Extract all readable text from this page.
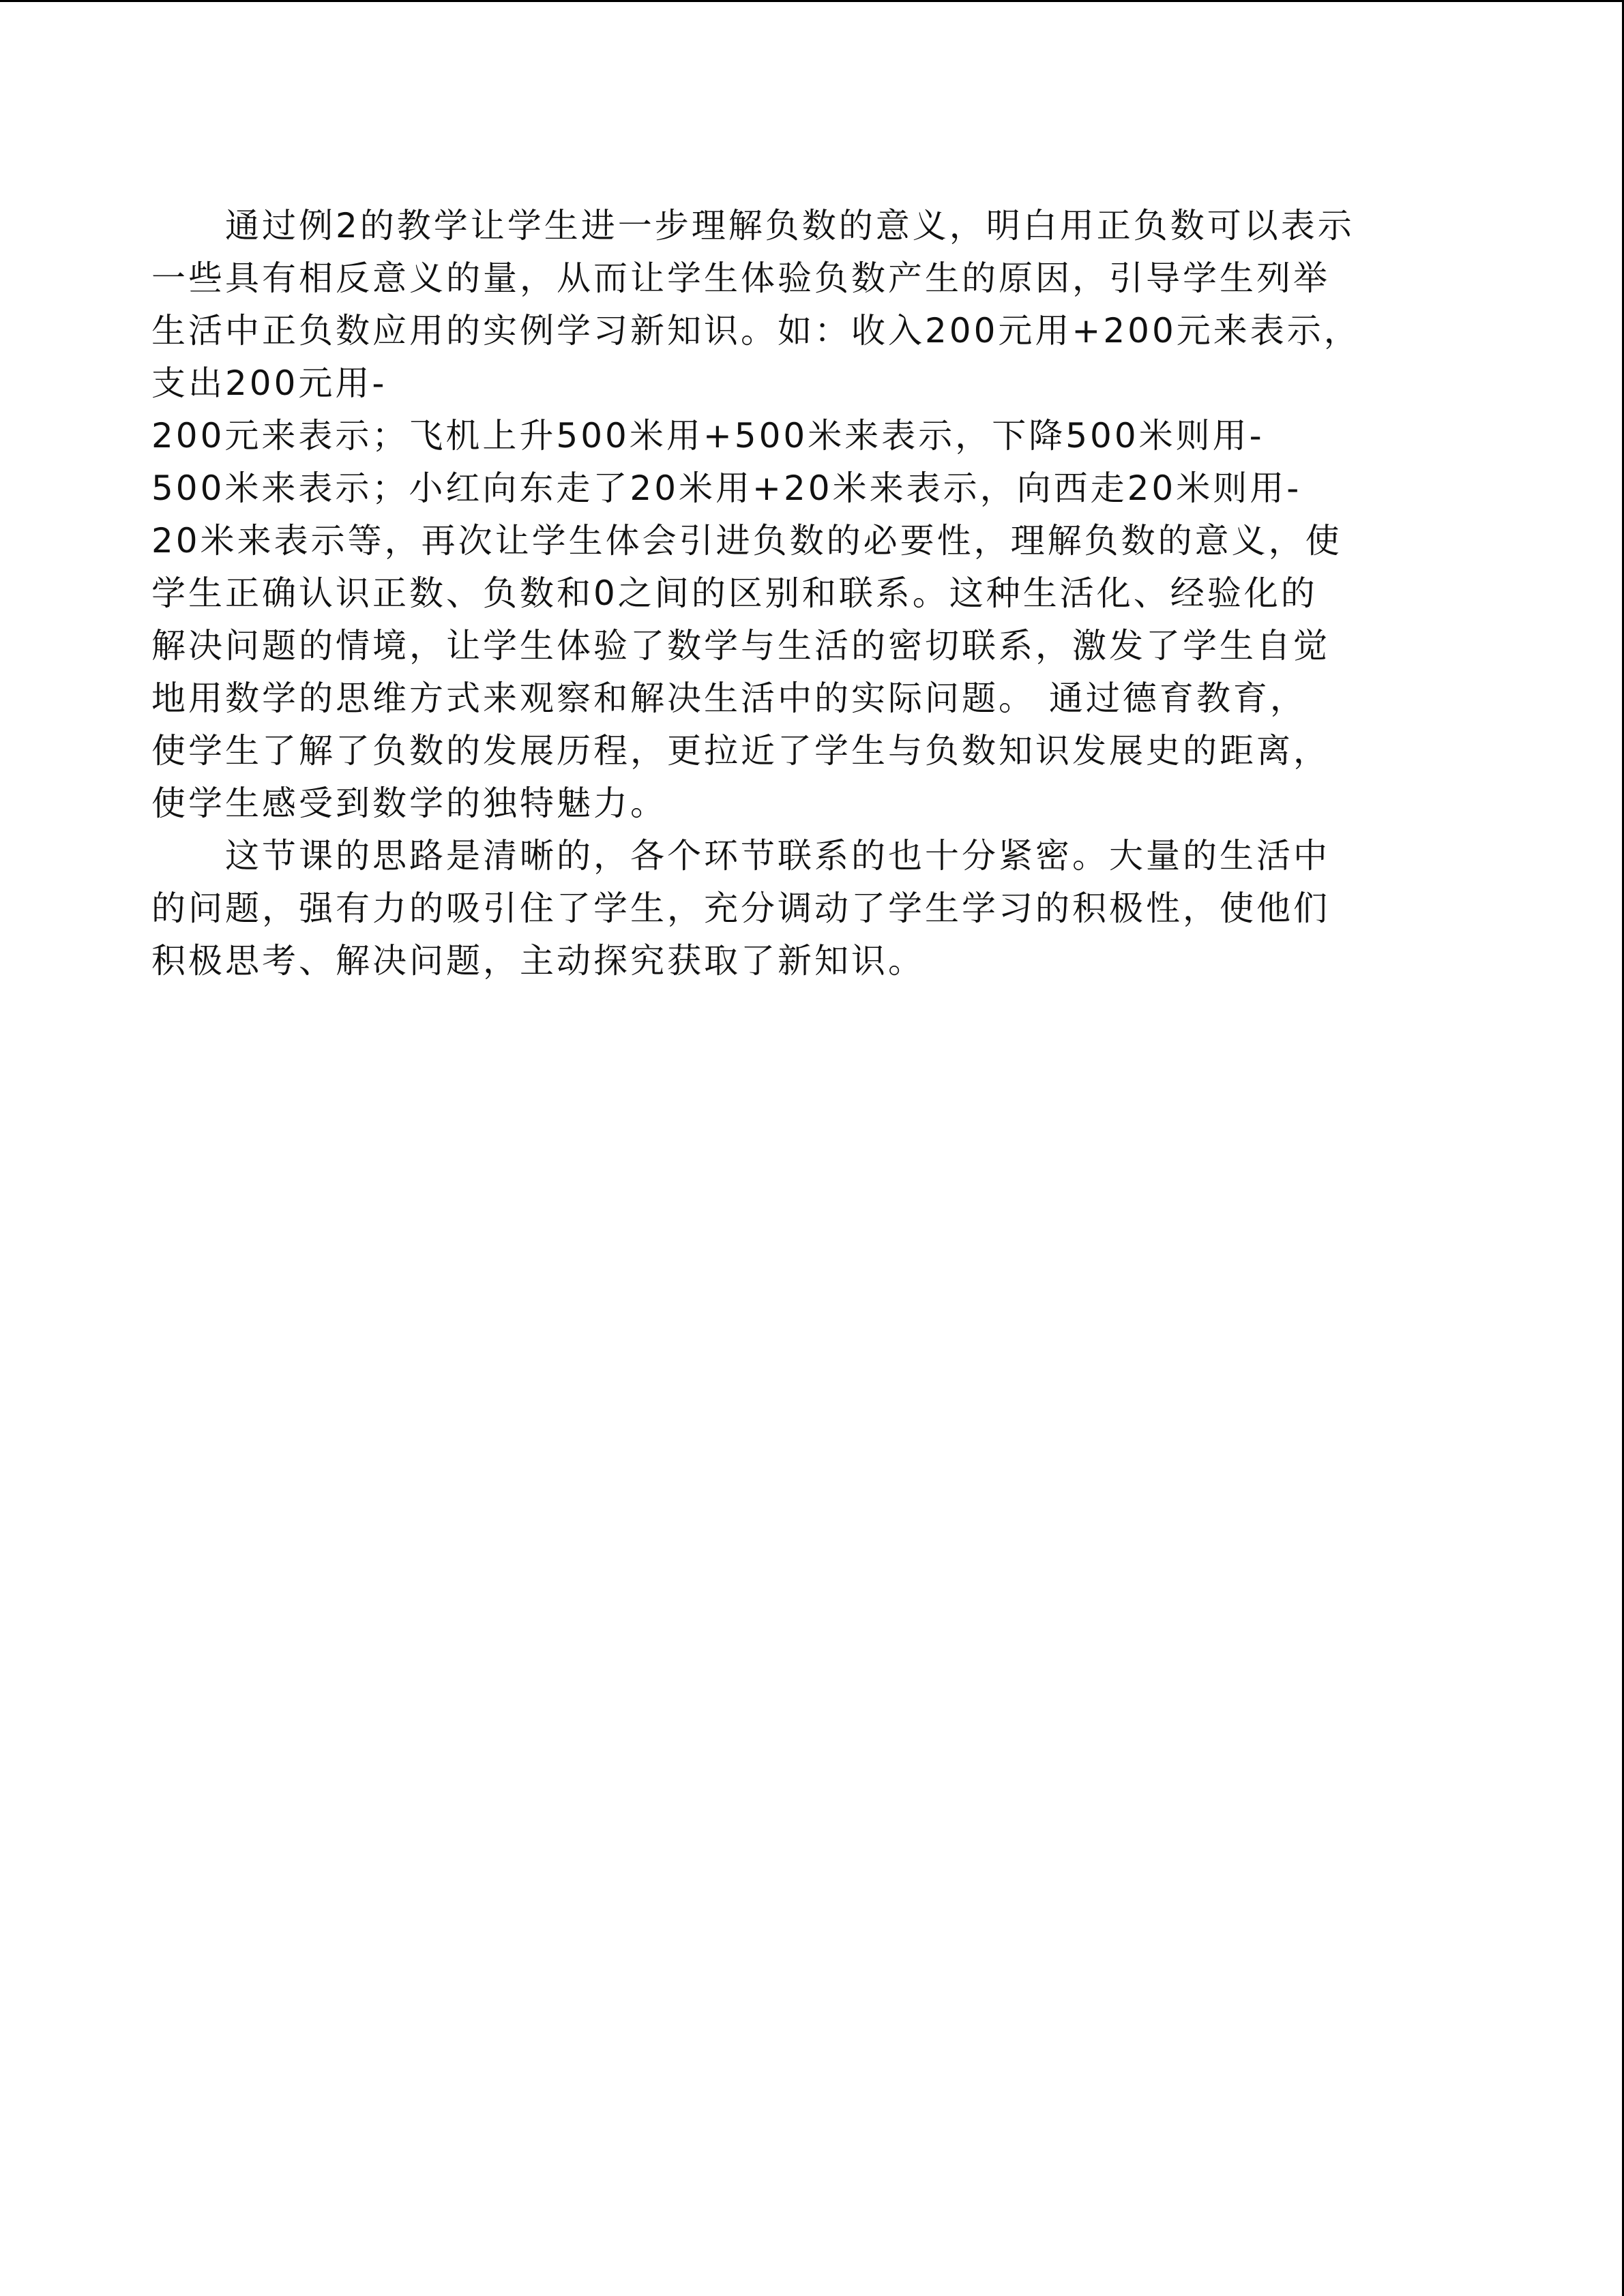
通过例2的教学让学生进一步理解负数的意义，明白用正负数可以表示

一些具有相反意义的量，从而让学生体验负数产生的原因，引导学生列举

生活中正负数应用的实例学习新知识。如：收入200元用+200元来表示，

支出200元用-

200元来表示；飞机上升500米用+500米来表示，下降500米则用-

500米来表示；小红向东走了20米用+20米来表示，向西走20米则用-

20米来表示等，再次让学生体会引进负数的必要性，理解负数的意义，使

学生正确认识正数、负数和0之间的区别和联系。这种生活化、经验化的

解决问题的情境，让学生体验了数学与生活的密切联系，激发了学生自觉

地用数学的思维方式来观察和解决生活中的实际问题。 通过德育教育，

使学生了解了负数的发展历程，更拉近了学生与负数知识发展史的距离，

使学生感受到数学的独特魅力。

这节课的思路是清晰的，各个环节联系的也十分紧密。大量的生活中

的问题，强有力的吸引住了学生，充分调动了学生学习的积极性，使他们

积极思考、解决问题，主动探究获取了新知识。
